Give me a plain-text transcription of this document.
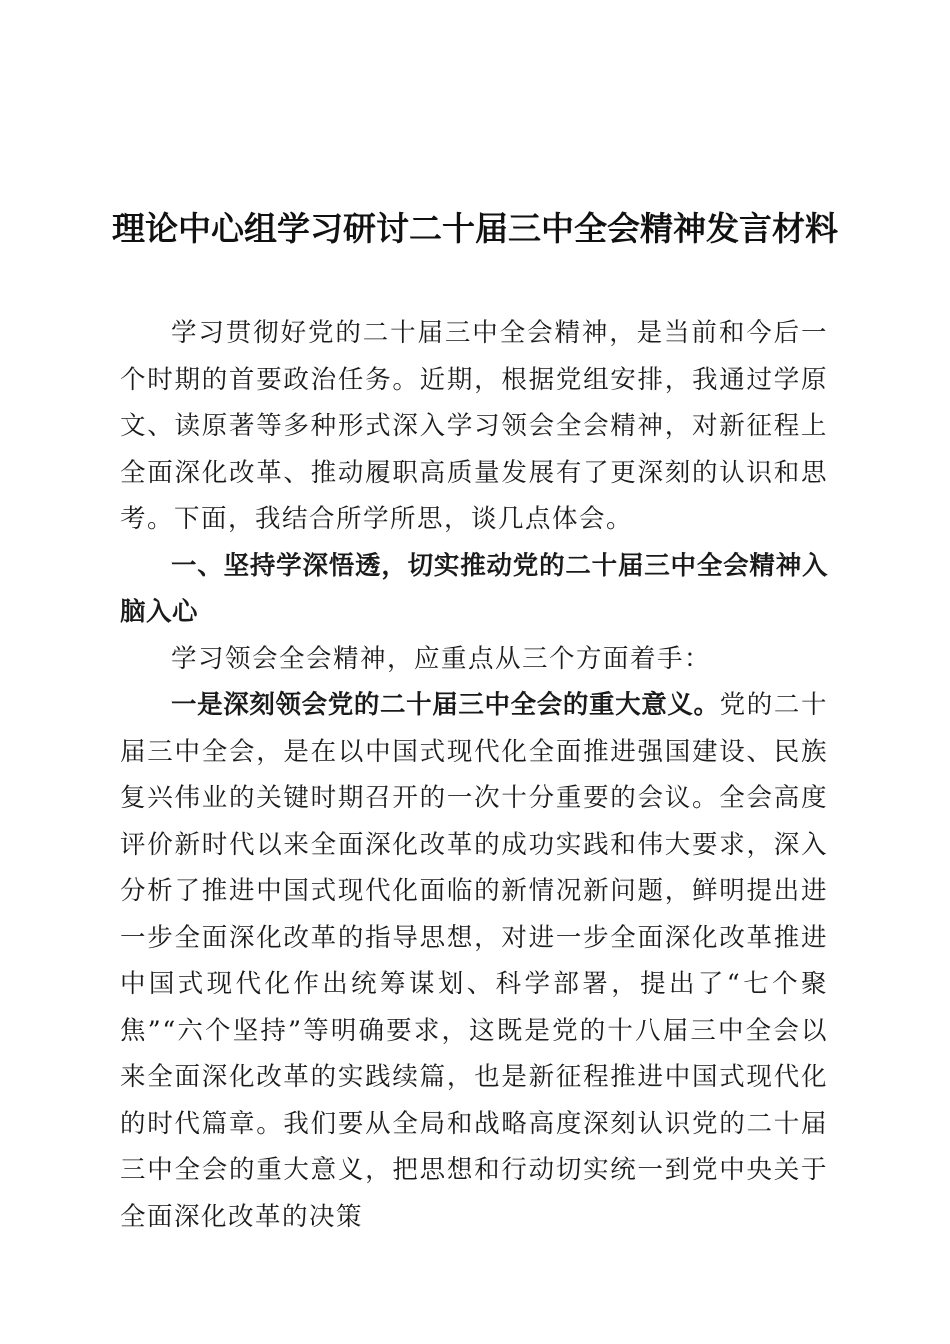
理论中心组学习研讨二十届三中全会精神发言材料

学习贯彻好党的二十届三中全会精神，是当前和今后一个时期的首要政治任务。近期，根据党组安排，我通过学原文、读原著等多种形式深入学习领会全会精神，对新征程上全面深化改革、推动履职高质量发展有了更深刻的认识和思考。下面，我结合所学所思，谈几点体会。

一、坚持学深悟透，切实推动党的二十届三中全会精神入脑入心

学习领会全会精神，应重点从三个方面着手：

一是深刻领会党的二十届三中全会的重大意义。党的二十届三中全会，是在以中国式现代化全面推进强国建设、民族复兴伟业的关键时期召开的一次十分重要的会议。全会高度评价新时代以来全面深化改革的成功实践和伟大要求，深入分析了推进中国式现代化面临的新情况新问题，鲜明提出进一步全面深化改革的指导思想，对进一步全面深化改革推进中国式现代化作出统筹谋划、科学部署，提出了“七个聚焦”“六个坚持”等明确要求，这既是党的十八届三中全会以来全面深化改革的实践续篇，也是新征程推进中国式现代化的时代篇章。我们要从全局和战略高度深刻认识党的二十届三中全会的重大意义，把思想和行动切实统一到党中央关于全面深化改革的决策
